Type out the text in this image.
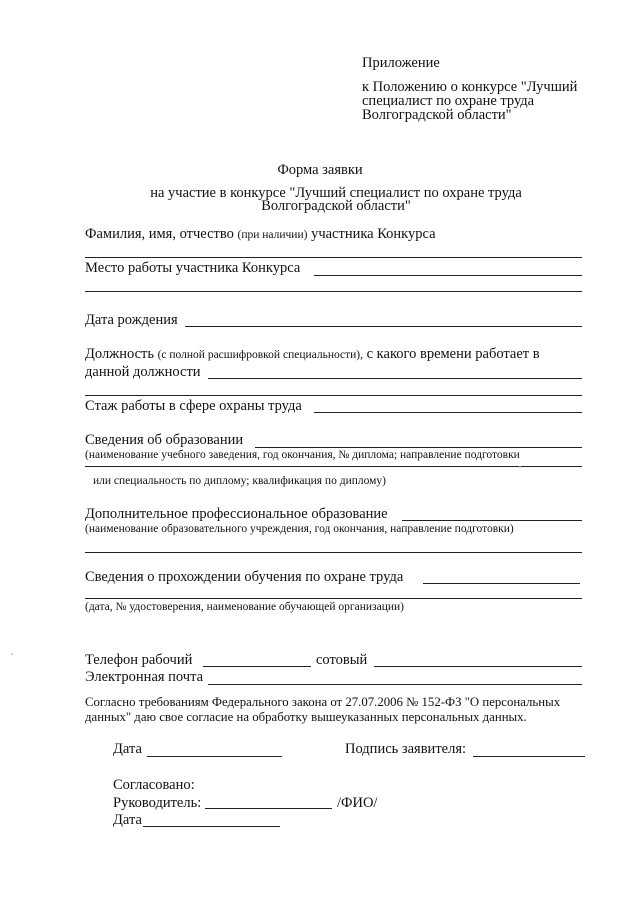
Приложение
к Положению о конкурсе "Лучший
специалист по охране труда
Волгоградской области"
Форма заявки
на участие в конкурсе "Лучший специалист по охране труда
Волгоградской области"
Фамилия, имя, отчество (при наличии) участника Конкурса
Место работы участника Конкурса
Дата рождения
Должность (с полной расшифровкой специальности), с какого времени работает в
данной должности
Стаж работы в сфере охраны труда
Сведения об образовании
(наименование учебного заведения, год окончания, № диплома; направление подготовки
или специальность по диплому; квалификация по диплому)
Дополнительное профессиональное образование
(наименование образовательного учреждения, год окончания, направление подготовки)
Сведения о прохождении обучения по охране труда
(дата, № удостоверения, наименование обучающей организации)
Телефон рабочий	сотовый
Электронная почта
Согласно требованиям Федерального закона от 27.07.2006 № 152-ФЗ "О персональных
данных" даю свое согласие на обработку вышеуказанных персональных данных.
Дата	Подпись заявителя:
Согласовано:
Руководитель:	/ФИО/
Дата
